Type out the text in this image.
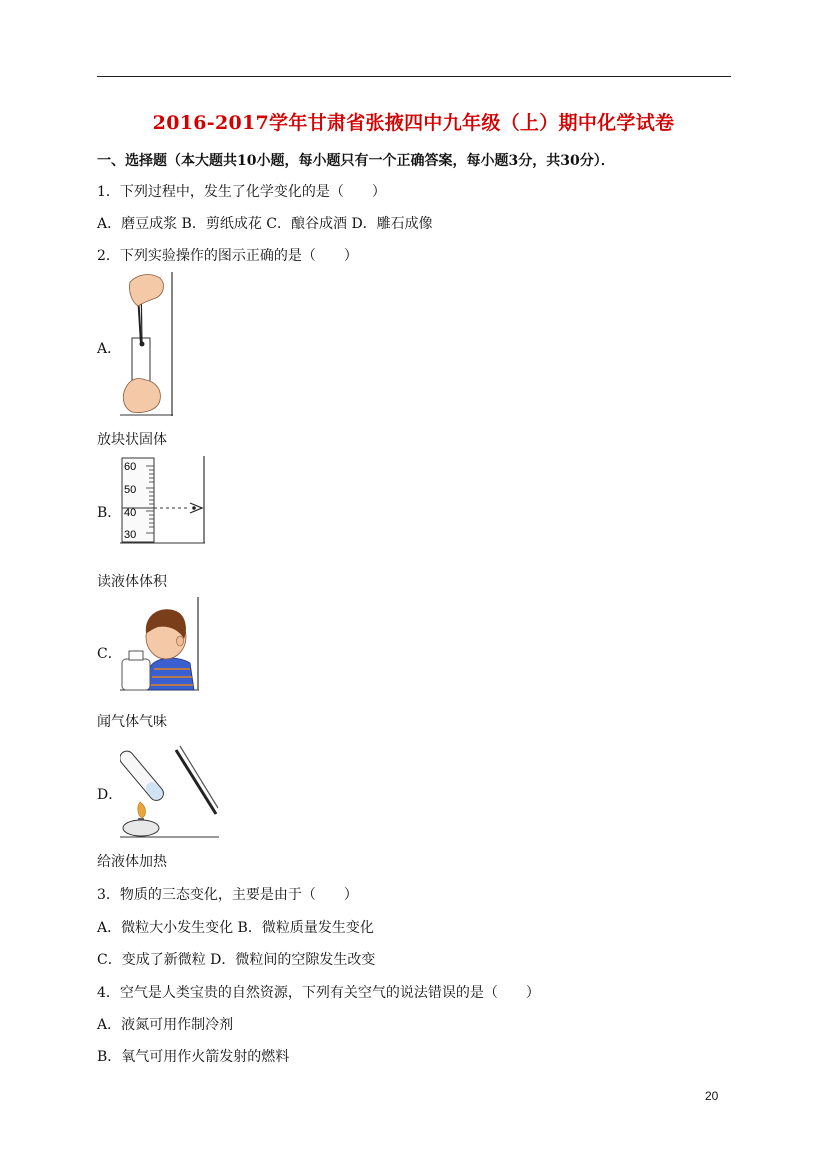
2016-2017学年甘肃省张掖四中九年级（上）期中化学试卷
一、选择题（本大题共10小题，每小题只有一个正确答案，每小题3分，共30分）．
1．下列过程中，发生了化学变化的是（　　）
A．磨豆成浆 B．剪纸成花 C．酿谷成酒 D．雕石成像
2．下列实验操作的图示正确的是（　　）
A．
放块状固体
B．
60
50
40
30
读液体体积
C．
闻气体气味
D．
给液体加热
3．物质的三态变化，主要是由于（　　）
A．微粒大小发生变化 B．微粒质量发生变化
C．变成了新微粒 D．微粒间的空隙发生改变
4．空气是人类宝贵的自然资源，下列有关空气的说法错误的是（　　）
A．液氮可用作制冷剂
B．氧气可用作火箭发射的燃料
20
